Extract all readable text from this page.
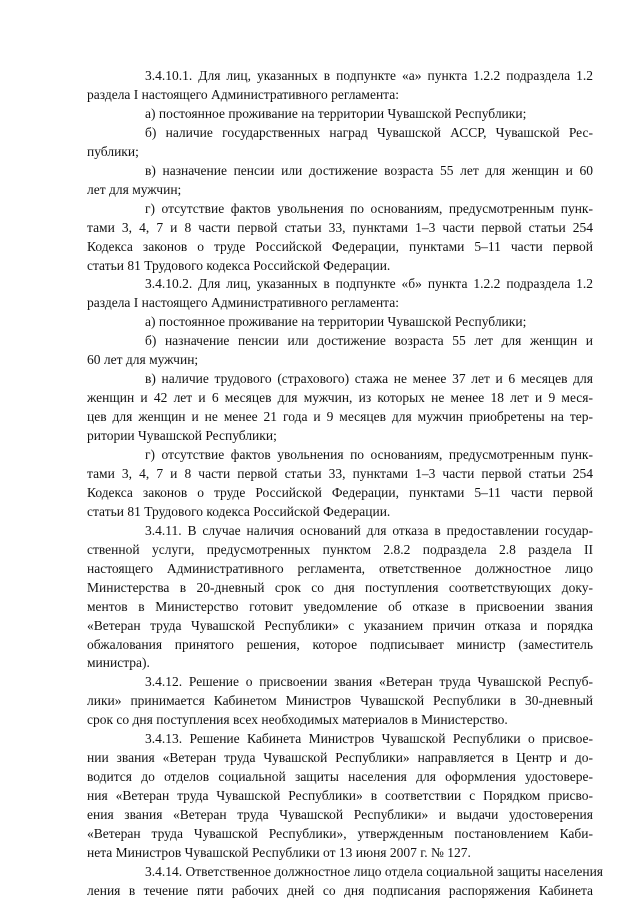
3.4.10.1. Для лиц, указанных в подпункте «а» пункта 1.2.2 подраздела 1.2
раздела I настоящего Административного регламента:
а) постоянное проживание на территории Чувашской Республики;
б) наличие государственных наград Чувашской АССР, Чувашской Рес-
публики;
в) назначение пенсии или достижение возраста 55 лет для женщин и 60
лет для мужчин;
г) отсутствие фактов увольнения по основаниям, предусмотренным пунк-
тами 3, 4, 7 и 8 части первой статьи 33, пунктами 1–3 части первой статьи 254
Кодекса законов о труде Российской Федерации, пунктами 5–11 части первой
статьи 81 Трудового кодекса Российской Федерации.
3.4.10.2. Для лиц, указанных в подпункте «б» пункта 1.2.2 подраздела 1.2
раздела I настоящего Административного регламента:
а) постоянное проживание на территории Чувашской Республики;
б) назначение пенсии или достижение возраста 55 лет для женщин и
60 лет для мужчин;
в) наличие трудового (страхового) стажа не менее 37 лет и 6 месяцев для
женщин и 42 лет и 6 месяцев для мужчин, из которых не менее 18 лет и 9 меся-
цев для женщин и не менее 21 года и 9 месяцев для мужчин приобретены на тер-
ритории Чувашской Республики;
г) отсутствие фактов увольнения по основаниям, предусмотренным пунк-
тами 3, 4, 7 и 8 части первой статьи 33, пунктами 1–3 части первой статьи 254
Кодекса законов о труде Российской Федерации, пунктами 5–11 части первой
статьи 81 Трудового кодекса Российской Федерации.
3.4.11. В случае наличия оснований для отказа в предоставлении государ-
ственной услуги, предусмотренных пунктом 2.8.2 подраздела 2.8 раздела II
настоящего Административного регламента, ответственное должностное лицо
Министерства в 20-дневный срок со дня поступления соответствующих доку-
ментов в Министерство готовит уведомление об отказе в присвоении звания
«Ветеран труда Чувашской Республики» с указанием причин отказа и порядка
обжалования принятого решения, которое подписывает министр (заместитель
министра).
3.4.12. Решение о присвоении звания «Ветеран труда Чувашской Респуб-
лики» принимается Кабинетом Министров Чувашской Республики в 30-дневный
срок со дня поступления всех необходимых материалов в Министерство.
3.4.13. Решение Кабинета Министров Чувашской Республики о присвое-
нии звания «Ветеран труда Чувашской Республики» направляется в Центр и до-
водится до отделов социальной защиты населения для оформления удостовере-
ния «Ветеран труда Чувашской Республики» в соответствии с Порядком присво-
ения звания «Ветеран труда Чувашской Республики» и выдачи удостоверения
«Ветеран труда Чувашской Республики», утвержденным постановлением Каби-
нета Министров Чувашской Республики от 13 июня 2007 г. № 127.
3.4.14. Ответственное должностное лицо отдела социальной защиты населения
ления в течение пяти рабочих дней со дня подписания распоряжения Кабинета
